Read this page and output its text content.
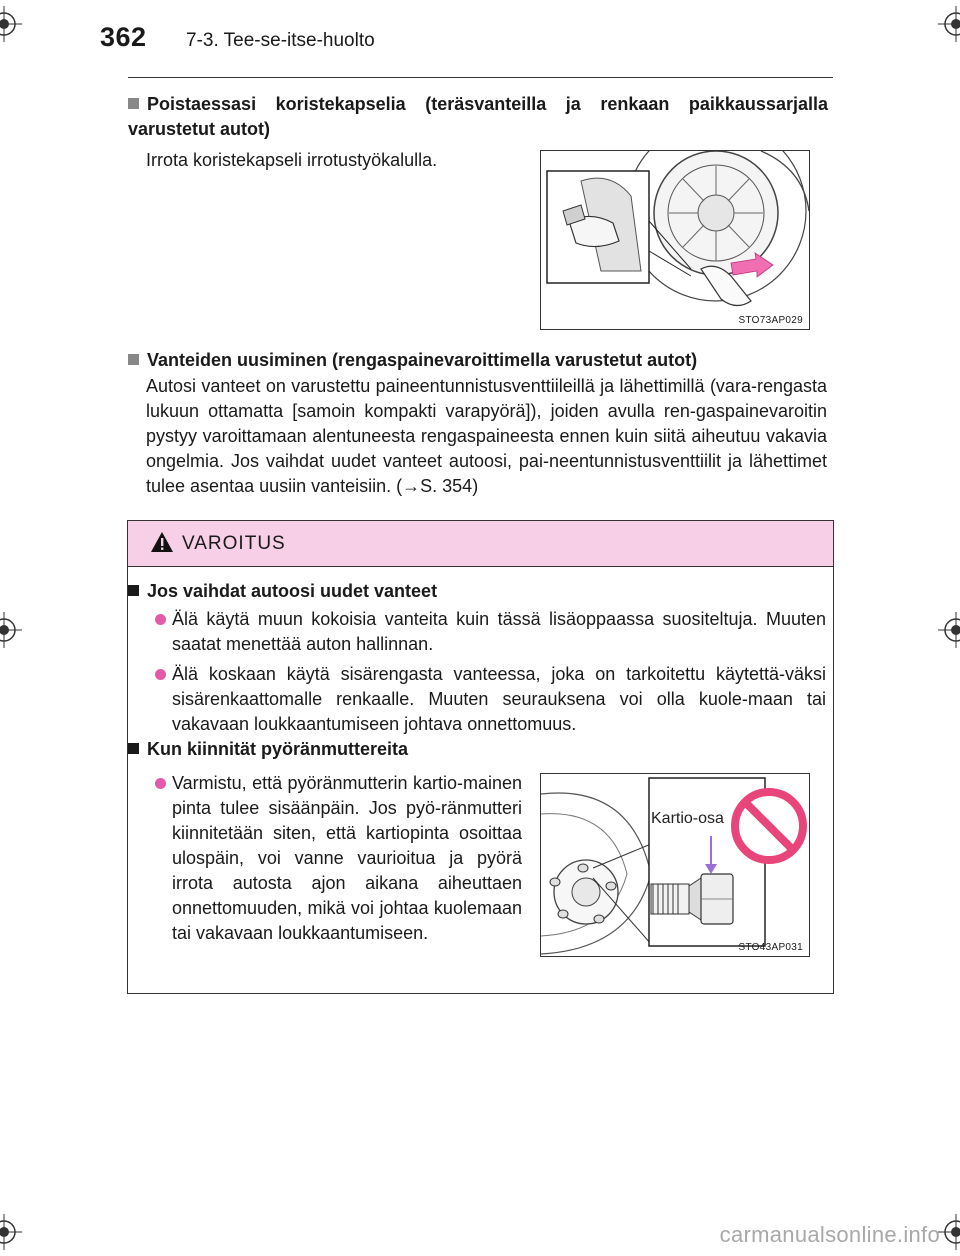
362 7-3. Tee-se-itse-huolto
Poistaessasi koristekapselia (teräsvanteilla ja renkaan paikkaussarjalla varustetut autot)
Irrota koristekapseli irrotustyökalulla.
STO73AP029
Vanteiden uusiminen (rengaspainevaroittimella varustetut autot)
Autosi vanteet on varustettu paineentunnistusventtiileillä ja lähettimillä (vara-rengasta lukuun ottamatta [samoin kompakti varapyörä]), joiden avulla ren-gaspainevaroitin pystyy varoittamaan alentuneesta rengaspaineesta ennen kuin siitä aiheutuu vakavia ongelmia. Jos vaihdat uudet vanteet autoosi, pai-neentunnistusventtiilit ja lähettimet tulee asentaa uusiin vanteisiin. (→S. 354)
VAROITUS
Jos vaihdat autoosi uudet vanteet
Älä käytä muun kokoisia vanteita kuin tässä lisäoppaassa suositeltuja. Muuten saatat menettää auton hallinnan.
Älä koskaan käytä sisärengasta vanteessa, joka on tarkoitettu käytettä-väksi sisärenkaattomalle renkaalle. Muuten seurauksena voi olla kuole-maan tai vakavaan loukkaantumiseen johtava onnettomuus.
Kun kiinnität pyöränmuttereita
Varmistu, että pyöränmutterin kartio-mainen pinta tulee sisäänpäin. Jos pyö-ränmutteri kiinnitetään siten, että kartiopinta osoittaa ulospäin, voi vanne vaurioitua ja pyörä irrota autosta ajon aikana aiheuttaen onnettomuuden, mikä voi johtaa kuolemaan tai vakavaan loukkaantumiseen.
Kartio-osa
STO43AP031
carmanualsonline.info
